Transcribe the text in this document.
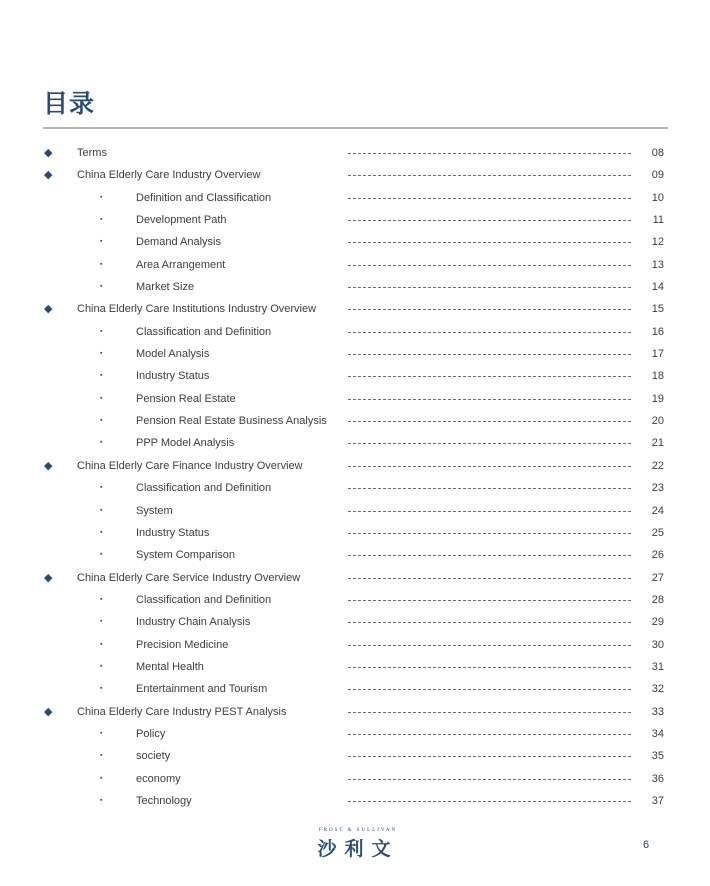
目录
◆ Terms	08
◆ China Elderly Care Industry Overview	09
▪	Definition and Classification	10
▪	Development Path	11
▪	Demand Analysis	12
▪	Area Arrangement	13
▪	Market Size	14
◆ China Elderly Care Institutions Industry Overview	15
▪	Classification and Definition	16
▪	Model Analysis	17
▪	Industry Status	18
▪	Pension Real Estate	19
▪	Pension Real Estate Business Analysis	20
▪	PPP Model Analysis	21
◆ China Elderly Care Finance Industry Overview	22
▪	Classification and Definition	23
▪	System	24
▪	Industry Status	25
▪	System Comparison	26
◆ China Elderly Care Service Industry Overview	27
▪	Classification and Definition	28
▪	Industry Chain Analysis	29
▪	Precision Medicine	30
▪	Mental Health	31
▪	Entertainment and Tourism	32
◆ China Elderly Care Industry PEST Analysis	33
▪	Policy	34
▪	society	35
▪	economy	36
▪	Technology	37
FROST & SULLIVAN
沙利文	6
